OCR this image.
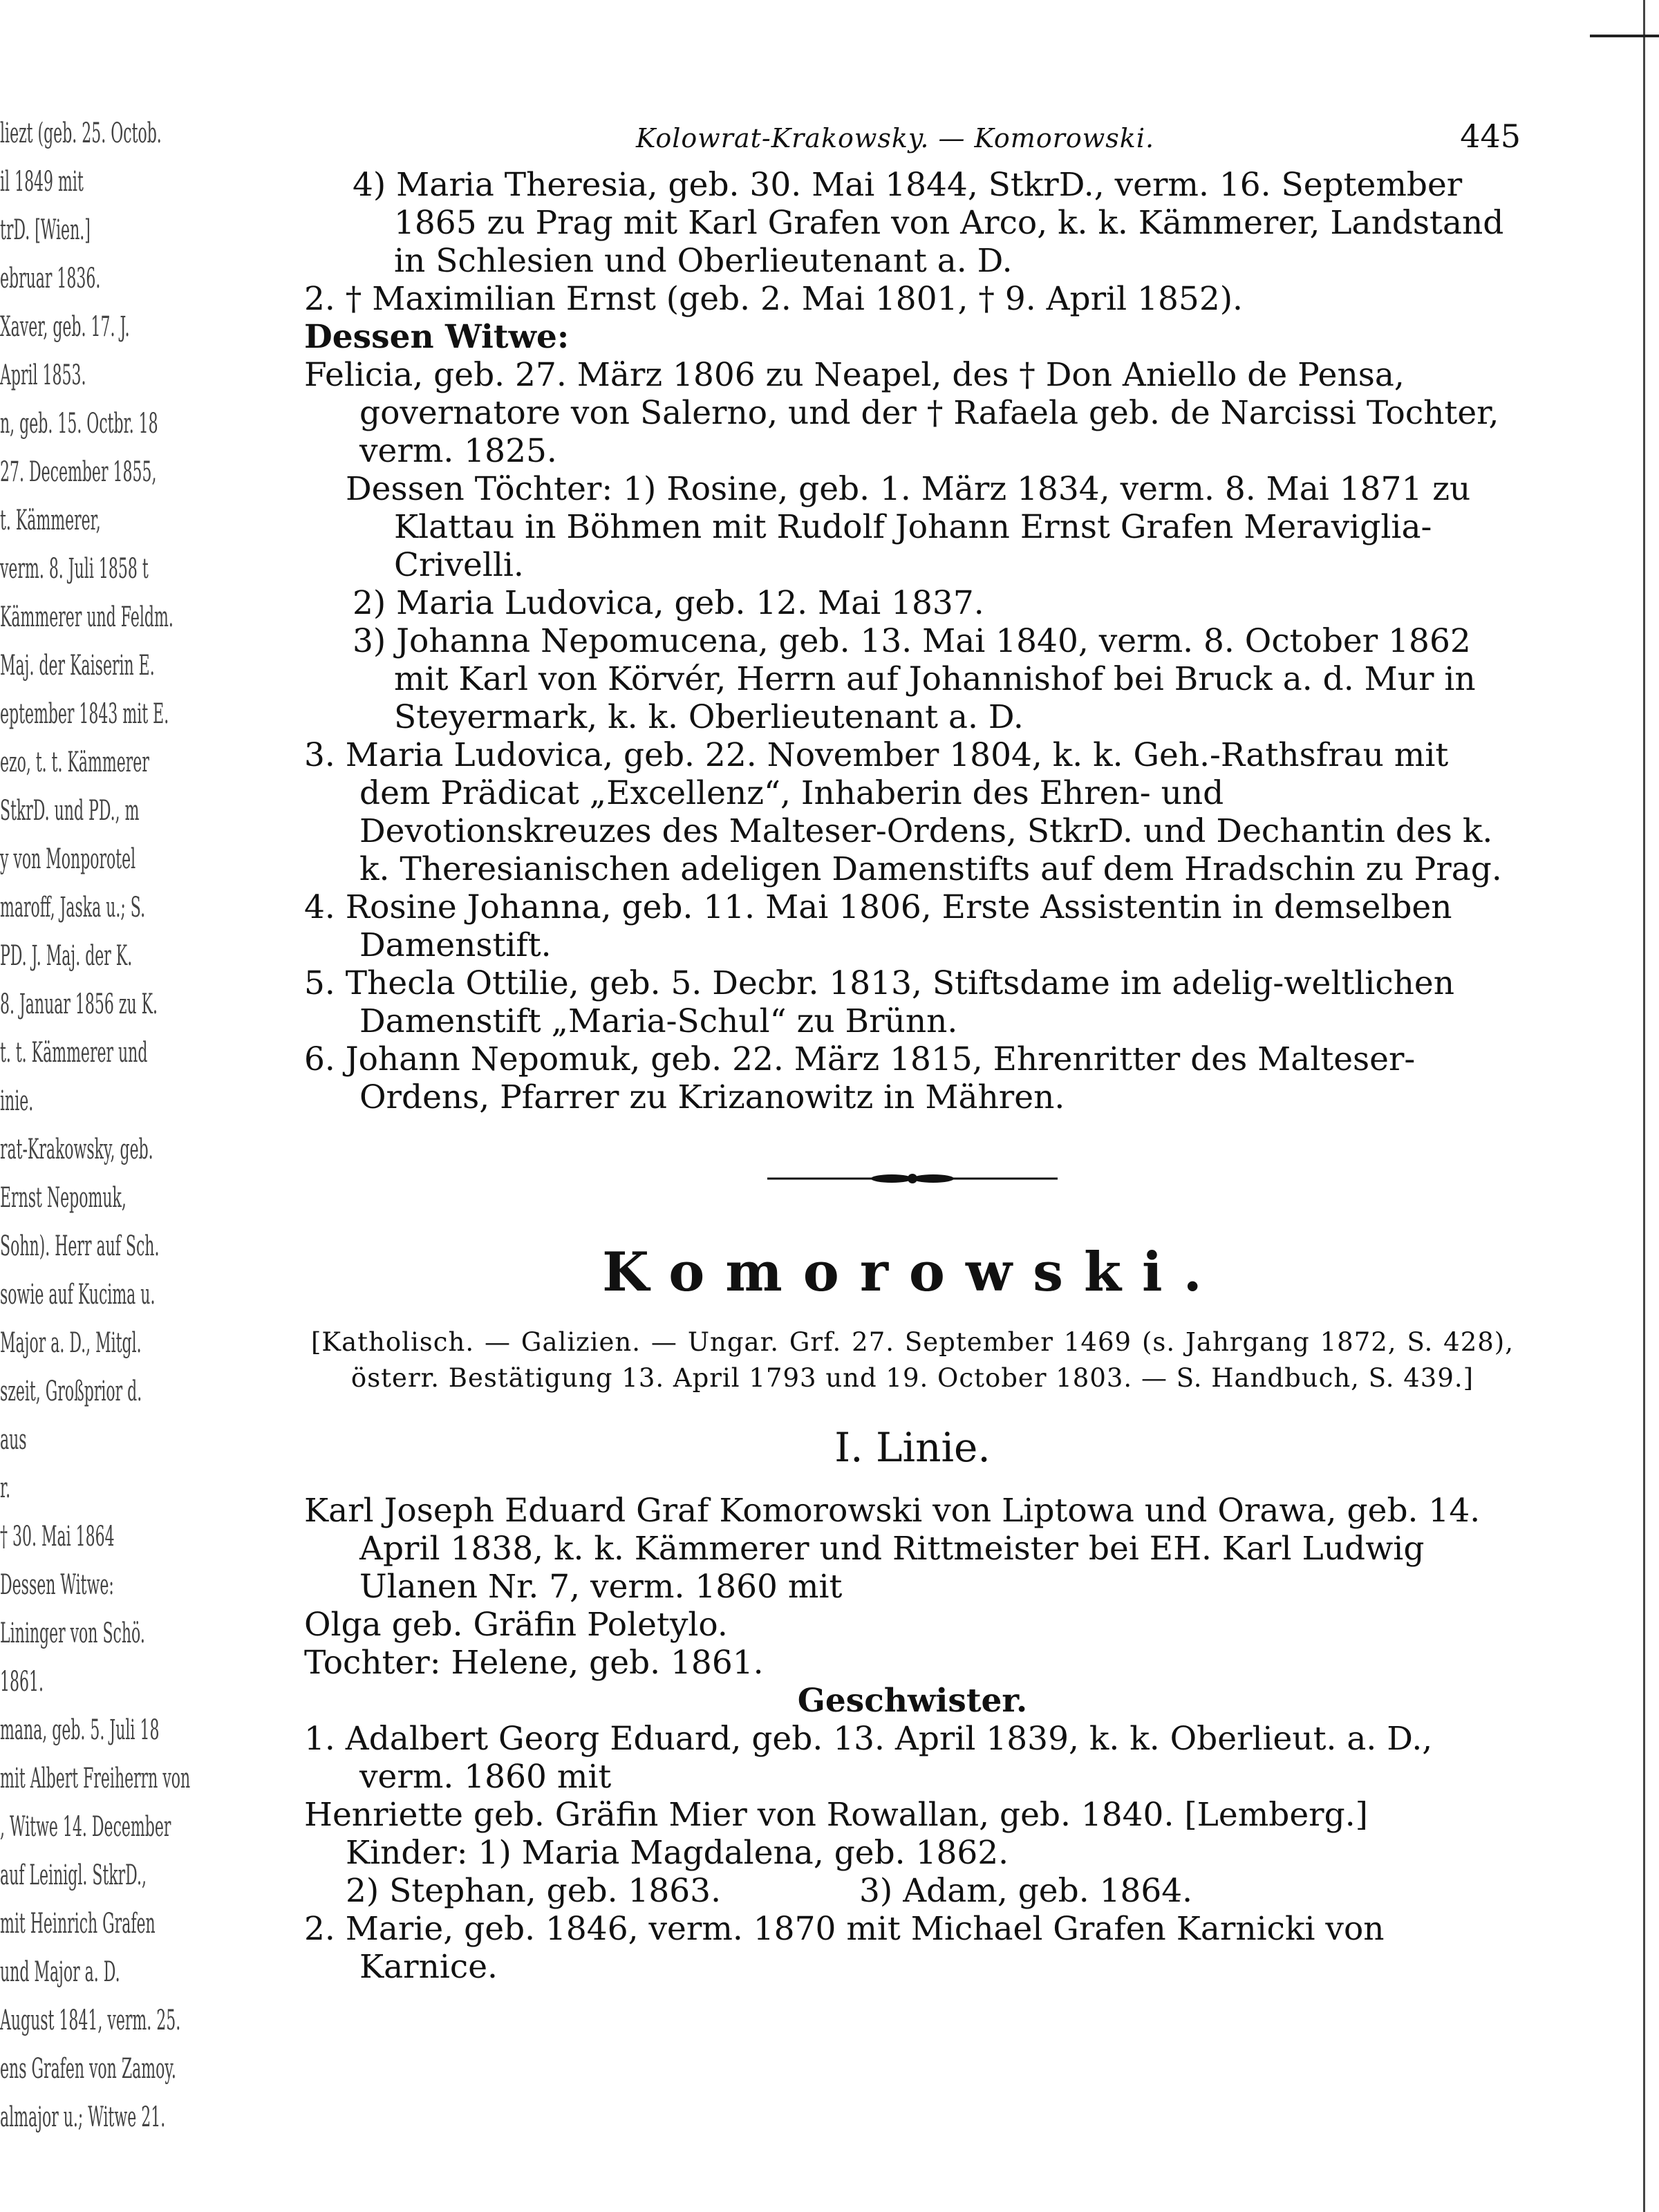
liezt (geb. 25. Octob.
il 1849 mit
trD. [Wien.]
ebruar 1836.
Xaver, geb. 17. J.
April 1853.
n, geb. 15. Octbr. 18
27. December 1855,
t. Kämmerer,
verm. 8. Juli 1858 t
Kämmerer und Feldm.
Maj. der Kaiserin E.
eptember 1843 mit E.
ezo, t. t. Kämmerer
StkrD. und PD., m
y von Monporotel
maroff, Jaska u.; S.
PD. J. Maj. der K.
8. Januar 1856 zu K.
t. t. Kämmerer und
inie.
rat-Krakowsky, geb.
Ernst Nepomuk,
Sohn). Herr auf Sch.
sowie auf Kucima u.
Major a. D., Mitgl.
szeit, Großprior d.
aus
r.
† 30. Mai 1864
Dessen Witwe:
Lininger von Schö.
1861.
mana, geb. 5. Juli 18
mit Albert Freiherrn von
, Witwe 14. December
auf Leinigl. StkrD.,
mit Heinrich Grafen
und Major a. D.
August 1841, verm. 25.
ens Grafen von Zamoy.
almajor u.; Witwe 21.
Kolowrat-Krakowsky. — Komorowski.	445

4) Maria Theresia, geb. 30. Mai 1844, StkrD., verm. 16. September 1865 zu Prag mit Karl Grafen von Arco, k. k. Kämmerer, Landstand in Schlesien und Oberlieutenant a. D.

2. † Maximilian Ernst (geb. 2. Mai 1801, † 9. April 1852).

Dessen Witwe:

Felicia, geb. 27. März 1806 zu Neapel, des † Don Aniello de Pensa, governatore von Salerno, und der † Rafaela geb. de Narcissi Tochter, verm. 1825.

Dessen Töchter: 1) Rosine, geb. 1. März 1834, verm. 8. Mai 1871 zu Klattau in Böhmen mit Rudolf Johann Ernst Grafen Meraviglia-Crivelli.

2) Maria Ludovica, geb. 12. Mai 1837.

3) Johanna Nepomucena, geb. 13. Mai 1840, verm. 8. October 1862 mit Karl von Körvér, Herrn auf Johannishof bei Bruck a. d. Mur in Steyermark, k. k. Oberlieutenant a. D.

3. Maria Ludovica, geb. 22. November 1804, k. k. Geh.-Rathsfrau mit dem Prädicat „Excellenz“, Inhaberin des Ehren- und Devotionskreuzes des Malteser-Ordens, StkrD. und Dechantin des k. k. Theresianischen adeligen Damenstifts auf dem Hradschin zu Prag.

4. Rosine Johanna, geb. 11. Mai 1806, Erste Assistentin in demselben Damenstift.

5. Thecla Ottilie, geb. 5. Decbr. 1813, Stiftsdame im adelig-weltlichen Damenstift „Maria-Schul“ zu Brünn.

6. Johann Nepomuk, geb. 22. März 1815, Ehrenritter des Malteser-Ordens, Pfarrer zu Krizanowitz in Mähren.

Komorowski.

[Katholisch. — Galizien. — Ungar. Grf. 27. September 1469 (s. Jahrgang 1872, S. 428), österr. Bestätigung 13. April 1793 und 19. October 1803. — S. Handbuch, S. 439.]

I. Linie.

Karl Joseph Eduard Graf Komorowski von Liptowa und Orawa, geb. 14. April 1838, k. k. Kämmerer und Rittmeister bei EH. Karl Ludwig Ulanen Nr. 7, verm. 1860 mit

Olga geb. Gräfin Poletylo.

Tochter: Helene, geb. 1861.

Geschwister.

1. Adalbert Georg Eduard, geb. 13. April 1839, k. k. Oberlieut. a. D., verm. 1860 mit

Henriette geb. Gräfin Mier von Rowallan, geb. 1840. [Lemberg.]

Kinder: 1) Maria Magdalena, geb. 1862.

2) Stephan, geb. 1863.	3) Adam, geb. 1864.

2. Marie, geb. 1846, verm. 1870 mit Michael Grafen Karnicki von Karnice.
